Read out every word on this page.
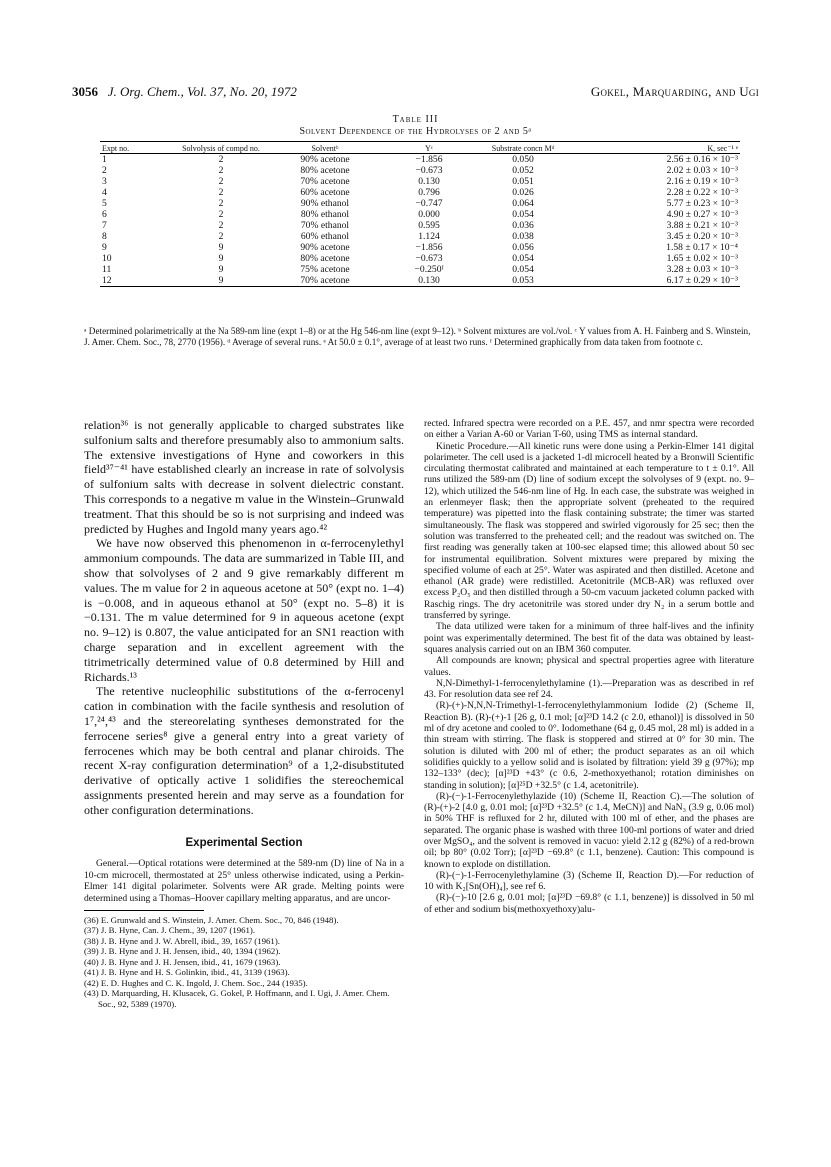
3056 J. Org. Chem., Vol. 37, No. 20, 1972	Gokel, Marquarding, and Ugi
Table III
Solvent Dependence of the Hydrolyses of 2 and 5ᵃ

Expt no.	Solvolysis of compd no.	Solventᵇ	Yᶜ	Substrate concn Mᵈ	K, sec⁻¹ ᵉ
1	2	90% acetone	−1.856	0.050	2.56 ± 0.16 × 10⁻³
2	2	80% acetone	−0.673	0.052	2.02 ± 0.03 × 10⁻³
3	2	70% acetone	0.130	0.051	2.16 ± 0.19 × 10⁻³
4	2	60% acetone	0.796	0.026	2.28 ± 0.22 × 10⁻³
5	2	90% ethanol	−0.747	0.064	5.77 ± 0.23 × 10⁻³
6	2	80% ethanol	0.000	0.054	4.90 ± 0.27 × 10⁻³
7	2	70% ethanol	0.595	0.036	3.88 ± 0.21 × 10⁻³
8	2	60% ethanol	1.124	0.038	3.45 ± 0.20 × 10⁻³
9	9	90% acetone	−1.856	0.056	1.58 ± 0.17 × 10⁻⁴
10	9	80% acetone	−0.673	0.054	1.65 ± 0.02 × 10⁻³
11	9	75% acetone	−0.250ᶠ	0.054	3.28 ± 0.03 × 10⁻³
12	9	70% acetone	0.130	0.053	6.17 ± 0.29 × 10⁻³
ᵃ Determined polarimetrically at the Na 589-nm line (expt 1–8) or at the Hg 546-nm line (expt 9–12). ᵇ Solvent mixtures are vol./vol. ᶜ Y values from A. H. Fainberg and S. Winstein, J. Amer. Chem. Soc., 78, 2770 (1956). ᵈ Average of several runs. ᵉ At 50.0 ± 0.1°, average of at least two runs. ᶠ Determined graphically from data taken from footnote c.

relation³⁶ is not generally applicable to charged substrates like sulfonium salts and therefore presumably also to ammonium salts. The extensive investigations of Hyne and coworkers in this field³⁷⁻⁴¹ have established clearly an increase in rate of solvolysis of sulfonium salts with decrease in solvent dielectric constant. This corresponds to a negative m value in the Winstein–Grunwald treatment. That this should be so is not surprising and indeed was predicted by Hughes and Ingold many years ago.⁴²

We have now observed this phenomenon in α-ferrocenylethyl ammonium compounds. The data are summarized in Table III, and show that solvolyses of 2 and 9 give remarkably different m values. The m value for 2 in aqueous acetone at 50° (expt no. 1–4) is −0.008, and in aqueous ethanol at 50° (expt no. 5–8) it is −0.131. The m value determined for 9 in aqueous acetone (expt no. 9–12) is 0.807, the value anticipated for an SN1 reaction with charge separation and in excellent agreement with the titrimetrically determined value of 0.8 determined by Hill and Richards.¹³

The retentive nucleophilic substitutions of the α-ferrocenyl cation in combination with the facile synthesis and resolution of 1⁷,²⁴,⁴³ and the stereorelating syntheses demonstrated for the ferrocene series⁸ give a general entry into a great variety of ferrocenes which may be both central and planar chiroids. The recent X-ray configuration determination⁹ of a 1,2-disubstituted derivative of optically active 1 solidifies the stereochemical assignments presented herein and may serve as a foundation for other configuration determinations.

Experimental Section

General.—Optical rotations were determined at the 589-nm (D) line of Na in a 10-cm microcell, thermostated at 25° unless otherwise indicated, using a Perkin-Elmer 141 digital polarimeter. Solvents were AR grade. Melting points were determined using a Thomas–Hoover capillary melting apparatus, and are uncor-

(36) E. Grunwald and S. Winstein, J. Amer. Chem. Soc., 70, 846 (1948).
(37) J. B. Hyne, Can. J. Chem., 39, 1207 (1961).
(38) J. B. Hyne and J. W. Abrell, ibid., 39, 1657 (1961).
(39) J. B. Hyne and J. H. Jensen, ibid., 40, 1394 (1962).
(40) J. B. Hyne and J. H. Jensen, ibid., 41, 1679 (1963).
(41) J. B. Hyne and H. S. Golinkin, ibid., 41, 3139 (1963).
(42) E. D. Hughes and C. K. Ingold, J. Chem. Soc., 244 (1935).
(43) D. Marquarding, H. Klusacek, G. Gokel, P. Hoffmann, and I. Ugi, J. Amer. Chem. Soc., 92, 5389 (1970).

rected. Infrared spectra were recorded on a P.E. 457, and nmr spectra were recorded on either a Varian A-60 or Varian T-60, using TMS as internal standard.

Kinetic Procedure.—All kinetic runs were done using a Perkin-Elmer 141 digital polarimeter. The cell used is a jacketed 1-dl microcell heated by a Bronwill Scientific circulating thermostat calibrated and maintained at each temperature to t ± 0.1°. All runs utilized the 589-nm (D) line of sodium except the solvolyses of 9 (expt. no. 9–12), which utilized the 546-nm line of Hg. In each case, the substrate was weighed in an erlenmeyer flask; then the appropriate solvent (preheated to the required temperature) was pipetted into the flask containing substrate; the timer was started simultaneously. The flask was stoppered and swirled vigorously for 25 sec; then the solution was transferred to the preheated cell; and the readout was switched on. The first reading was generally taken at 100-sec elapsed time; this allowed about 50 sec for instrumental equilibration. Solvent mixtures were prepared by mixing the specified volume of each at 25°. Water was aspirated and then distilled. Acetone and ethanol (AR grade) were redistilled. Acetonitrile (MCB-AR) was refluxed over excess P₂O₅ and then distilled through a 50-cm vacuum jacketed column packed with Raschig rings. The dry acetonitrile was stored under dry N₂ in a serum bottle and transferred by syringe.

The data utilized were taken for a minimum of three half-lives and the infinity point was experimentally determined. The best fit of the data was obtained by least-squares analysis carried out on an IBM 360 computer.

All compounds are known; physical and spectral properties agree with literature values.

N,N-Dimethyl-1-ferrocenylethylamine (1).—Preparation was as described in ref 43. For resolution data see ref 24.

(R)-(+)-N,N,N-Trimethyl-1-ferrocenylethylammonium Iodide (2) (Scheme II, Reaction B). (R)-(+)-1 [26 g, 0.1 mol; [α]²³D 14.2 (c 2.0, ethanol)] is dissolved in 50 ml of dry acetone and cooled to 0°. Iodomethane (64 g, 0.45 mol, 28 ml) is added in a thin stream with stirring. The flask is stoppered and stirred at 0° for 30 min. The solution is diluted with 200 ml of ether; the product separates as an oil which solidifies quickly to a yellow solid and is isolated by filtration: yield 39 g (97%); mp 132–133° (dec); [α]²³D +43° (c 0.6, 2-methoxyethanol; rotation diminishes on standing in solution); [α]²⁵D +32.5° (c 1.4, acetonitrile).

(R)-(−)-1-Ferrocenylethylazide (10) (Scheme II, Reaction C).—The solution of (R)-(+)-2 [4.0 g, 0.01 mol; [α]²³D +32.5° (c 1.4, MeCN)] and NaN₃ (3.9 g, 0.06 mol) in 50% THF is refluxed for 2 hr, diluted with 100 ml of ether, and the phases are separated. The organic phase is washed with three 100-ml portions of water and dried over MgSO₄, and the solvent is removed in vacuo: yield 2.12 g (82%) of a red-brown oil; bp 80° (0.02 Torr); [α]²³D −69.8° (c 1.1, benzene). Caution: This compound is known to explode on distillation.

(R)-(−)-1-Ferrocenylethylamine (3) (Scheme II, Reaction D).—For reduction of 10 with K₂[Sn(OH)₄], see ref 6.

(R)-(−)-10 [2.6 g, 0.01 mol; [α]²³D −69.8° (c 1.1, benzene)] is dissolved in 50 ml of ether and sodium bis(methoxyethoxy)alu-
